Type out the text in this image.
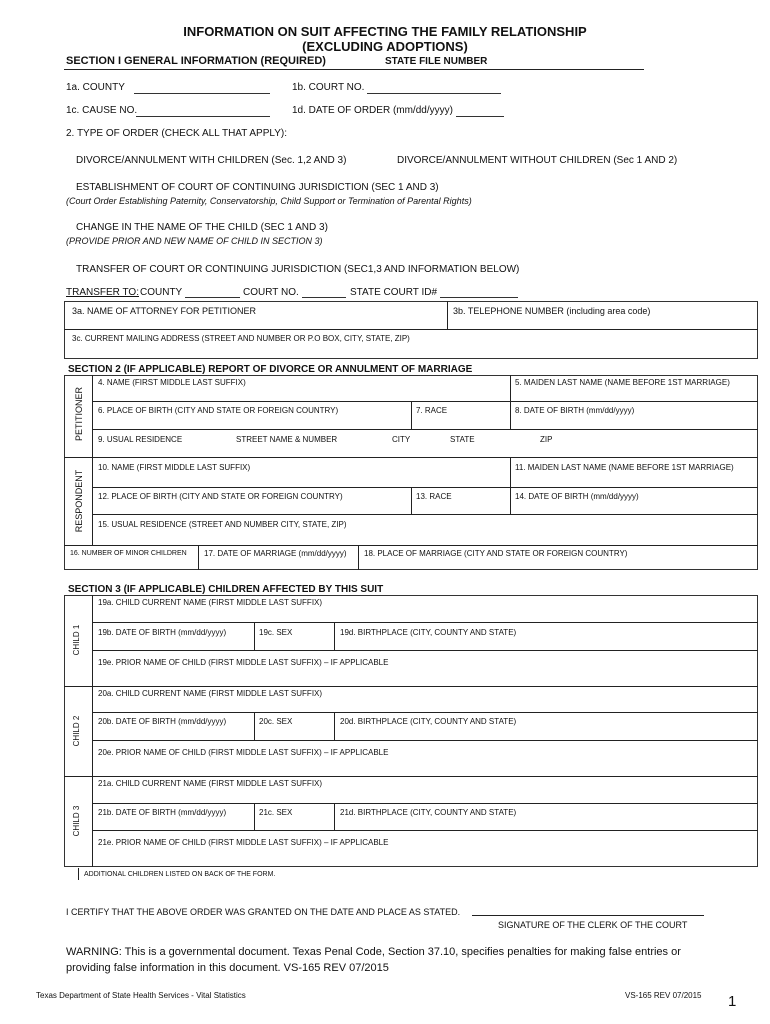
INFORMATION ON SUIT AFFECTING THE FAMILY RELATIONSHIP
(EXCLUDING ADOPTIONS)
SECTION I GENERAL INFORMATION (REQUIRED)	STATE FILE NUMBER
1a. COUNTY	1b. COURT NO.
1c. CAUSE NO.	1d. DATE OF ORDER (mm/dd/yyyy)
2. TYPE OF ORDER (CHECK ALL THAT APPLY):
DIVORCE/ANNULMENT WITH CHILDREN (Sec. 1,2 AND 3)	DIVORCE/ANNULMENT WITHOUT CHILDREN (Sec 1 AND 2)
ESTABLISHMENT OF COURT OF CONTINUING JURISDICTION (SEC 1 AND 3)
(Court Order Establishing Paternity, Conservatorship, Child Support or Termination of Parental Rights)
CHANGE IN THE NAME OF THE CHILD (SEC 1 AND 3)
(PROVIDE PRIOR AND NEW NAME OF CHILD IN SECTION 3)
TRANSFER OF COURT OR CONTINUING JURISDICTION (SEC1,3 AND INFORMATION BELOW)
TRANSFER TO: COUNTY	COURT NO.	STATE COURT ID#
3a. NAME OF ATTORNEY FOR PETITIONER	3b. TELEPHONE NUMBER (including area code)
3c. CURRENT MAILING ADDRESS (STREET AND NUMBER OR P.O BOX, CITY, STATE, ZIP)
SECTION 2 (IF APPLICABLE) REPORT OF DIVORCE OR ANNULMENT OF MARRIAGE
PETITIONER
4. NAME (FIRST MIDDLE LAST SUFFIX)	5. MAIDEN LAST NAME (NAME BEFORE 1ST MARRIAGE)
6. PLACE OF BIRTH (CITY AND STATE OR FOREIGN COUNTRY)	7. RACE	8. DATE OF BIRTH (mm/dd/yyyy)
9. USUAL RESIDENCE	STREET NAME & NUMBER	CITY	STATE	ZIP
RESPONDENT
10. NAME (FIRST MIDDLE LAST SUFFIX)	11. MAIDEN LAST NAME (NAME BEFORE 1ST MARRIAGE)
12. PLACE OF BIRTH (CITY AND STATE OR FOREIGN COUNTRY)	13. RACE	14. DATE OF BIRTH (mm/dd/yyyy)
15. USUAL RESIDENCE (STREET AND NUMBER CITY, STATE, ZIP)
16. NUMBER OF MINOR CHILDREN 17. DATE OF MARRIAGE (mm/dd/yyyy) 18. PLACE OF MARRIAGE (CITY AND STATE OR FOREIGN COUNTRY)
SECTION 3 (IF APPLICABLE) CHILDREN AFFECTED BY THIS SUIT
CHILD 1
19a. CHILD CURRENT NAME (FIRST MIDDLE LAST SUFFIX)
19b. DATE OF BIRTH (mm/dd/yyyy)	19c. SEX	19d. BIRTHPLACE (CITY, COUNTY AND STATE)
19e. PRIOR NAME OF CHILD (FIRST MIDDLE LAST SUFFIX) – IF APPLICABLE
CHILD 2
20a. CHILD CURRENT NAME (FIRST MIDDLE LAST SUFFIX)
20b. DATE OF BIRTH (mm/dd/yyyy)	20c. SEX	20d. BIRTHPLACE (CITY, COUNTY AND STATE)
20e. PRIOR NAME OF CHILD (FIRST MIDDLE LAST SUFFIX) – IF APPLICABLE
CHILD 3
21a. CHILD CURRENT NAME (FIRST MIDDLE LAST SUFFIX)
21b. DATE OF BIRTH (mm/dd/yyyy)	21c. SEX	21d. BIRTHPLACE (CITY, COUNTY AND STATE)
21e. PRIOR NAME OF CHILD (FIRST MIDDLE LAST SUFFIX) – IF APPLICABLE
ADDITIONAL CHILDREN LISTED ON BACK OF THE FORM.
I CERTIFY THAT THE ABOVE ORDER WAS GRANTED ON THE DATE AND PLACE AS STATED.
SIGNATURE OF THE CLERK OF THE COURT
WARNING: This is a governmental document. Texas Penal Code, Section 37.10, specifies penalties for making false entries or
providing false information in this document. VS-165 REV 07/2015
Texas Department of State Health Services - Vital Statistics	VS-165 REV 07/2015 1
